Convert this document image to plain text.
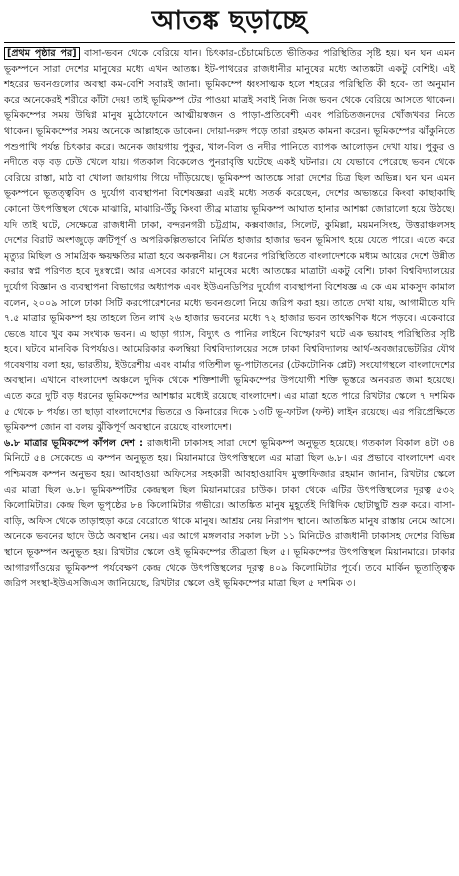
আতঙ্ক ছড়াচ্ছে

[প্রথম পৃষ্ঠার পর] বাসা-ভবন থেকে বেরিয়ে যান। চিৎকার-চেঁচামেচিতে ভীতিকর পরিস্থিতির সৃষ্টি হয়। ঘন ঘন এমন ভূকম্পনে সারা দেশের মানুষের মধ্যে এখন আতঙ্ক। ইট-পাথরের রাজধানীর মানুষের মধ্যে আতঙ্কটা একটু বেশিই। এই শহরের ভবনগুলোর অবস্থা কম-বেশি সবারই জানা। ভূমিকম্পে ধ্বংসাত্মক হলে শহরের পরিস্থিতি কী হবে- তা অনুমান করে অনেকেরই শরীরে কাঁটা দেয়! তাই ভূমিকম্প টের পাওয়া মাত্রই সবাই নিজ নিজ ভবন থেকে বেরিয়ে আসতে থাকেন। ভূমিকম্পের সময় উদ্বিগ্ন মানুষ মুঠোফোনে আত্মীয়স্বজন ও পাড়া-প্রতিবেশী এবং পরিচিতজনদের খোঁজখবর নিতে থাকেন। ভূমিকম্পের সময় অনেকে আল্লাহকে ডাকেন। দোয়া-দরুদ পড়ে তারা রহমত কামনা করেন। ভূমিকম্পের ঝাঁকুনিতে পশুপাখি পর্যন্ত চিৎকার করে। অনেক জায়গায় পুকুর, খাল-বিল ও নদীর পানিতে ব্যাপক আলোড়ন দেখা যায়। পুকুর ও নদীতে বড় বড় ঢেউ খেলে যায়। গতকাল বিকেলেও পুনরাবৃত্তি ঘটেছে একই ঘটনার। যে যেভাবে পেরেছে ভবন থেকে বেরিয়ে রাস্তা, মাঠ বা খোলা জায়গায় গিয়ে দাঁড়িয়েছে। ভূমিকম্প আতঙ্কে সারা দেশের চিত্র ছিল অভিন্ন। ঘন ঘন এমন ভূকম্পনে ভূতত্ত্ববিদ ও দুর্যোগ ব্যবস্থাপনা বিশেষজ্ঞরা এরই মধ্যে সতর্ক করেছেন, দেশের অভ্যন্তরে কিংবা কাছাকাছি কোনো উৎপত্তিস্থল থেকে মাঝারি, মাঝারি-উঁচু কিংবা তীব্র মাত্রায় ভূমিকম্প আঘাত হানার আশঙ্কা জোরালো হয়ে উঠছে। যদি তাই ঘটে, সেক্ষেত্রে রাজধানী ঢাকা, বন্দরনগরী চট্টগ্রাম, কক্সবাজার, সিলেট, কুমিল্লা, ময়মনসিংহ, উত্তরাঞ্চলসহ দেশের বিরাট অংশজুড়ে ক্রটিপূর্ণ ও অপরিকল্পিতভাবে নির্মিত হাজার হাজার ভবন ভূমিসাৎ হয়ে যেতে পারে। এতে করে মৃত্যুর মিছিল ও সামগ্রিক ক্ষয়ক্ষতির মাত্রা হবে অকল্পনীয়। সে ধরনের পরিস্থিতিতে বাংলাদেশকে মধ্যম আয়ের দেশে উন্নীত করার স্বপ্ন পরিণত হবে দুঃস্বপ্নে। আর এসবের কারণে মানুষের মধ্যে আতঙ্কের মাত্রাটা একটু বেশি। ঢাকা বিশ্ববিদ্যালয়ের দুর্যোগ বিজ্ঞান ও ব্যবস্থাপনা বিভাগের অধ্যাপক এবং ইউএনডিপির দুর্যোগ ব্যবস্থাপনা বিশেষজ্ঞ এ কে এম মাকসুদ কামাল বলেন, ২০০৯ সালে ঢাকা সিটি করপোরেশনের মধ্যে ভবনগুলো নিয়ে জরিপ করা হয়। তাতে দেখা যায়, আগামীতে যদি ৭.৫ মাত্রার ভূমিকম্প হয় তাহলে তিন লাখ ২৬ হাজার ভবনের মধ্যে ৭২ হাজার ভবন তাৎক্ষণিক ধসে পড়বে। একেবারে ভেঙে যাবে খুব কম সংখ্যক ভবন। এ ছাড়া গ্যাস, বিদ্যুৎ ও পানির লাইনে বিস্ফোরণ ঘটে এক ভয়াবহ পরিস্থিতির সৃষ্টি হবে। ঘটবে মানবিক বিপর্যয়ও। আমেরিকার কলম্বিয়া বিশ্ববিদ্যালয়ের সঙ্গে ঢাকা বিশ্ববিদ্যালয় আর্থ-অবজারভেটরির যৌথ গবেষণায় বলা হয়, ভারতীয়, ইউরেশীয় এবং বার্মার গতিশীল ভূ-পাটাতনের (টেকটোনিক প্লেট) সংযোগস্থলে বাংলাদেশের অবস্থান। এখানে বাংলাদেশ অঞ্চলে দুদিক থেকে শক্তিশালী ভূমিকম্পের উপযোগী শক্তি ভূস্তরে অনবরত জমা হয়েছে। এতে করে দুটি বড় ধরনের ভূমিকম্পের আশঙ্কার মধ্যেই রয়েছে বাংলাদেশ। এর মাত্রা হতে পারে রিখটার স্কেলে ৭ দশমিক ৫ থেকে ৮ পর্যন্ত। তা ছাড়া বাংলাদেশের ভিতরে ও কিনারের দিকে ১৩টি ভূ-ফাটল (ফল্ট) লাইন রয়েছে। এর পরিপ্রেক্ষিতে ভূমিকম্প জোন বা বলয় ঝুঁকিপূর্ণ অবস্থানে রয়েছে বাংলাদেশ।

৬.৮ মাত্রার ভূমিকম্পে কাঁপল দেশ : রাজধানী ঢাকাসহ সারা দেশে ভূমিকম্প অনুভূত হয়েছে। গতকাল বিকাল ৪টা ৩৪ মিনিটে ৫৪ সেকেন্ডে এ কম্পন অনুভূত হয়। মিয়ানমারে উৎপত্তিস্থলে এর মাত্রা ছিল ৬.৮। এর প্রভাবে বাংলাদেশ এবং পশ্চিমবঙ্গ কম্পন অনুভব হয়। আবহাওয়া অফিসের সহকারী আবহাওয়াবিদ মুক্তাফিজার রহমান জানান, রিখটার স্কেলে এর মাত্রা ছিল ৬.৮। ভূমিকম্পটির কেন্দ্রস্থল ছিল মিয়ানমারের চাউক। ঢাকা থেকে এটির উৎপত্তিস্থলের দূরত্ব ৫৩২ কিলোমিটার। কেন্দ্র ছিল ভূপৃষ্ঠের ৮৪ কিলোমিটার গভীরে। আতঙ্কিত মানুষ মুহূর্তেই দিগ্বিদিক ছোটাছুটি শুরু করে। বাসা-বাড়ি, অফিস থেকে তাড়াহুড়া করে বেরোতে থাকে মানুষ। আশ্রয় নেয় নিরাপদ স্থানে। আতঙ্কিত মানুষ রাস্তায় নেমে আসে। অনেকে ভবনের ছাদে উঠে অবস্থান নেয়। এর আগে মঙ্গলবার সকাল ৮টা ১১ মিনিটেও রাজধানী ঢাকাসহ দেশের বিভিন্ন স্থানে ভূকম্পন অনুভূত হয়। রিখটার স্কেলে ওই ভূমিকম্পের তীব্রতা ছিল ৫। ভূমিকম্পের উৎপত্তিস্থল মিয়ানমারে। ঢাকার আগারগাঁওয়ের ভূমিকম্প পর্যবেক্ষণ কেন্দ্র থেকে উৎপত্তিস্থলের দূরত্ব ৪০৯ কিলোমিটার পূর্বে। তবে মার্কিন ভূতাত্ত্বিক জরিপ সংস্থা-ইউএসজিএস জানিয়েছে, রিখটার স্কেলে ওই ভূমিকম্পের মাত্রা ছিল ৫ দশমিক ৩।
